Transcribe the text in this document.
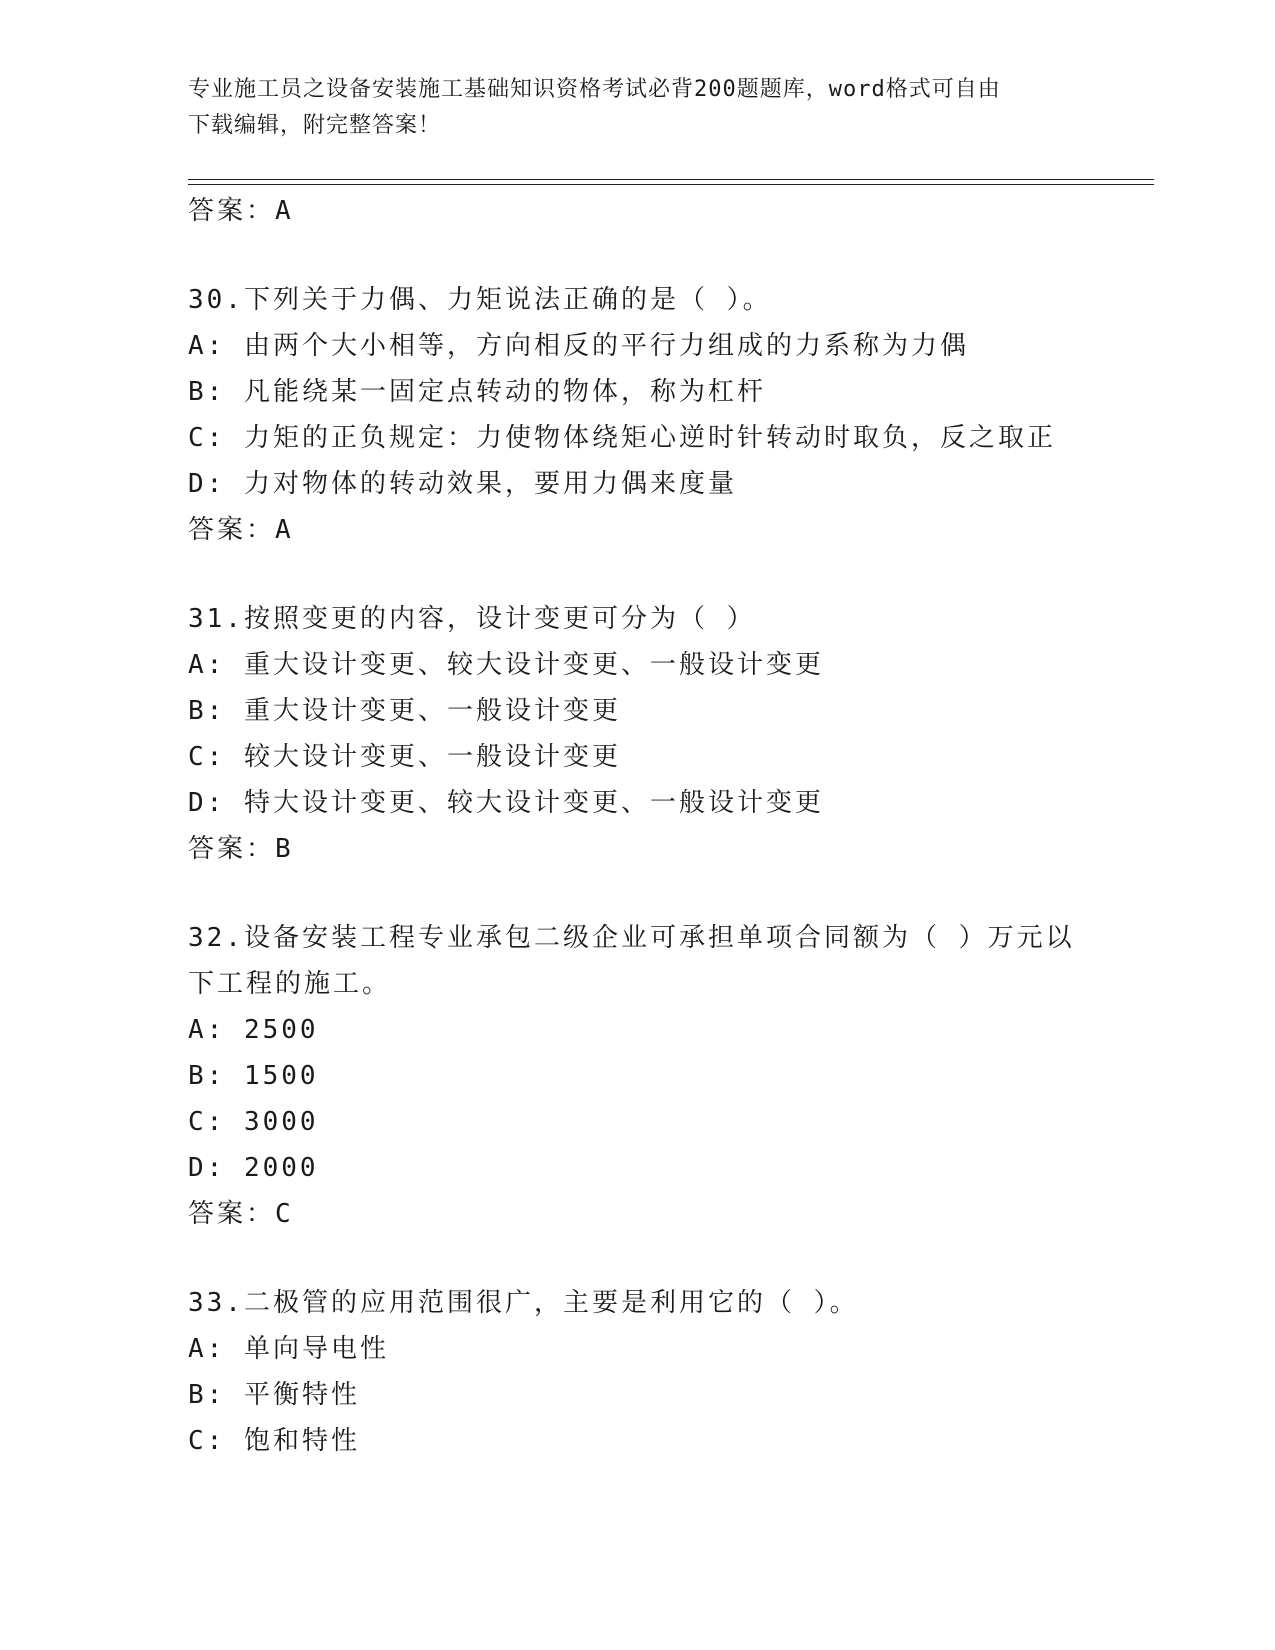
专业施工员之设备安装施工基础知识资格考试必背200题题库，word格式可自由
下载编辑，附完整答案！
答案：A
30.下列关于力偶、力矩说法正确的是（ ）。
A: 由两个大小相等，方向相反的平行力组成的力系称为力偶
B: 凡能绕某一固定点转动的物体，称为杠杆
C: 力矩的正负规定：力使物体绕矩心逆时针转动时取负，反之取正
D: 力对物体的转动效果，要用力偶来度量
答案：A
31.按照变更的内容，设计变更可分为（ ）
A: 重大设计变更、较大设计变更、一般设计变更
B: 重大设计变更、一般设计变更
C: 较大设计变更、一般设计变更
D: 特大设计变更、较大设计变更、一般设计变更
答案：B
32.设备安装工程专业承包二级企业可承担单项合同额为（ ）万元以
下工程的施工。
A: 2500
B: 1500
C: 3000
D: 2000
答案：C
33.二极管的应用范围很广，主要是利用它的（ ）。
A: 单向导电性
B: 平衡特性
C: 饱和特性
